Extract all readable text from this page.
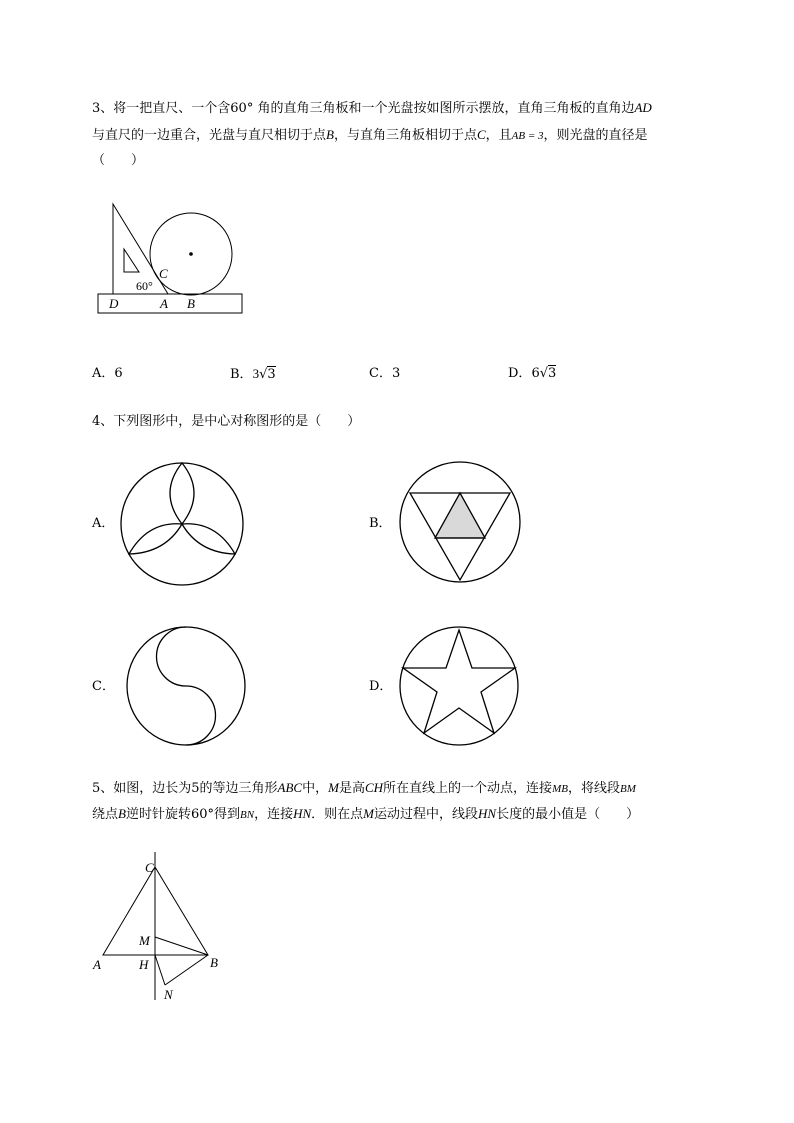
3、将一把直尺、一个含60° 角的直角三角板和一个光盘按如图所示摆放，直角三角板的直角边AD
与直尺的一边重合，光盘与直尺相切于点B，与直角三角板相切于点C，且AB = 3，则光盘的直径是
（　　）
C
60°
D	A B
A．6	B．3√3	C．3	D．6√3
4、下列图形中，是中心对称图形的是（　　）
A．	B．
C．	D．
5、如图，边长为5的等边三角形ABC中，M是高CH所在直线上的一个动点，连接MB，将线段BM
绕点B逆时针旋转60°得到BN，连接HN．则在点M运动过程中，线段HN长度的最小值是（　　）
C
M
A	H	B
N
